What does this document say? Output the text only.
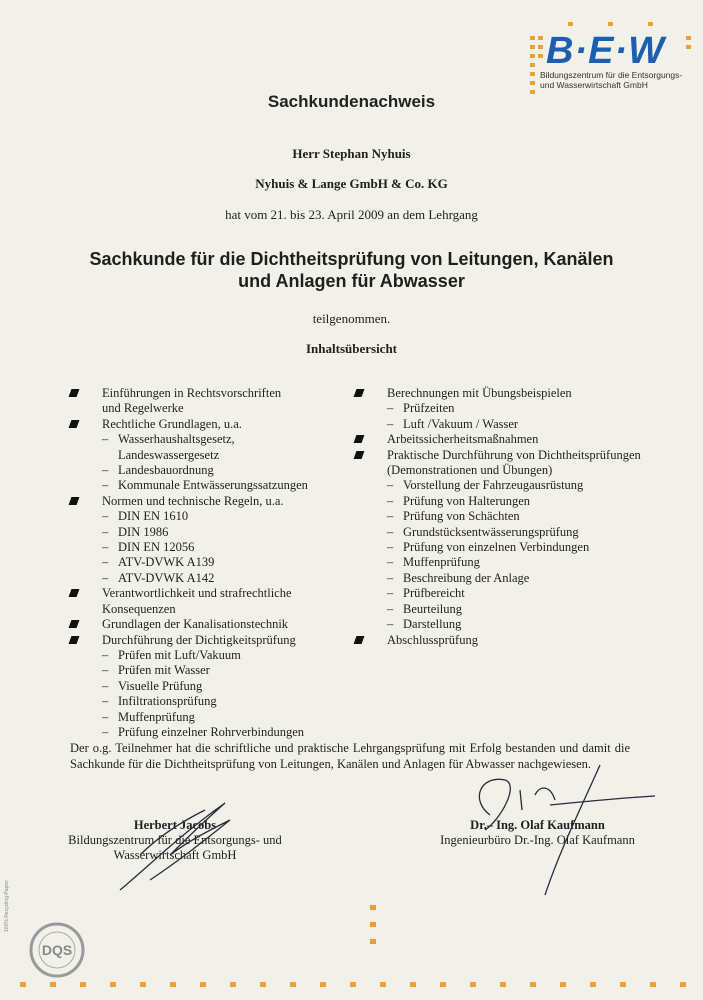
B·E·W
Bildungszentrum für die Entsorgungs-
und Wasserwirtschaft GmbH
Sachkundenachweis
Herr Stephan Nyhuis
Nyhuis & Lange GmbH & Co. KG
hat vom 21. bis 23. April 2009 an dem Lehrgang
Sachkunde für die Dichtheitsprüfung von Leitungen, Kanälen
und Anlagen für Abwasser
teilgenommen.
Inhaltsübersicht
Einführungen in Rechtsvorschriften
und Regelwerke
Rechtliche Grundlagen, u.a.
– Wasserhaushaltsgesetz, Landeswassergesetz
– Landesbauordnung
– Kommunale Entwässerungssatzungen
Normen und technische Regeln, u.a.
– DIN EN 1610
– DIN 1986
– DIN EN 12056
– ATV-DVWK A139
– ATV-DVWK A142
Verantwortlichkeit und strafrechtliche
Konsequenzen
Grundlagen der Kanalisationstechnik
Durchführung der Dichtigkeitsprüfung
– Prüfen mit Luft/Vakuum
– Prüfen mit Wasser
– Visuelle Prüfung
– Infiltrationsprüfung
– Muffenprüfung
– Prüfung einzelner Rohrverbindungen
Berechnungen mit Übungsbeispielen
– Prüfzeiten
– Luft /Vakuum / Wasser
Arbeitssicherheitsmaßnahmen
Praktische Durchführung von Dichtheitsprüfungen
(Demonstrationen und Übungen)
– Vorstellung der Fahrzeugausrüstung
– Prüfung von Halterungen
– Prüfung von Schächten
– Grundstücksentwässerungsprüfung
– Prüfung von einzelnen Verbindungen
– Muffenprüfung
– Beschreibung der Anlage
– Prüfbereicht
– Beurteilung
– Darstellung
Abschlussprüfung
Der o.g. Teilnehmer hat die schriftliche und praktische Lehrgangsprüfung mit Erfolg bestanden und damit die Sachkunde für die Dichtheitsprüfung von Leitungen, Kanälen und Anlagen für Abwasser nachgewiesen.
Herbert Jacobs
Bildungszentrum für die Entsorgungs- und
Wasserwirtschaft GmbH
Dr.– Ing. Olaf Kaufmann
Ingenieurbüro Dr.-Ing. Olaf Kaufmann
DQS
100% Recycling-Papier
